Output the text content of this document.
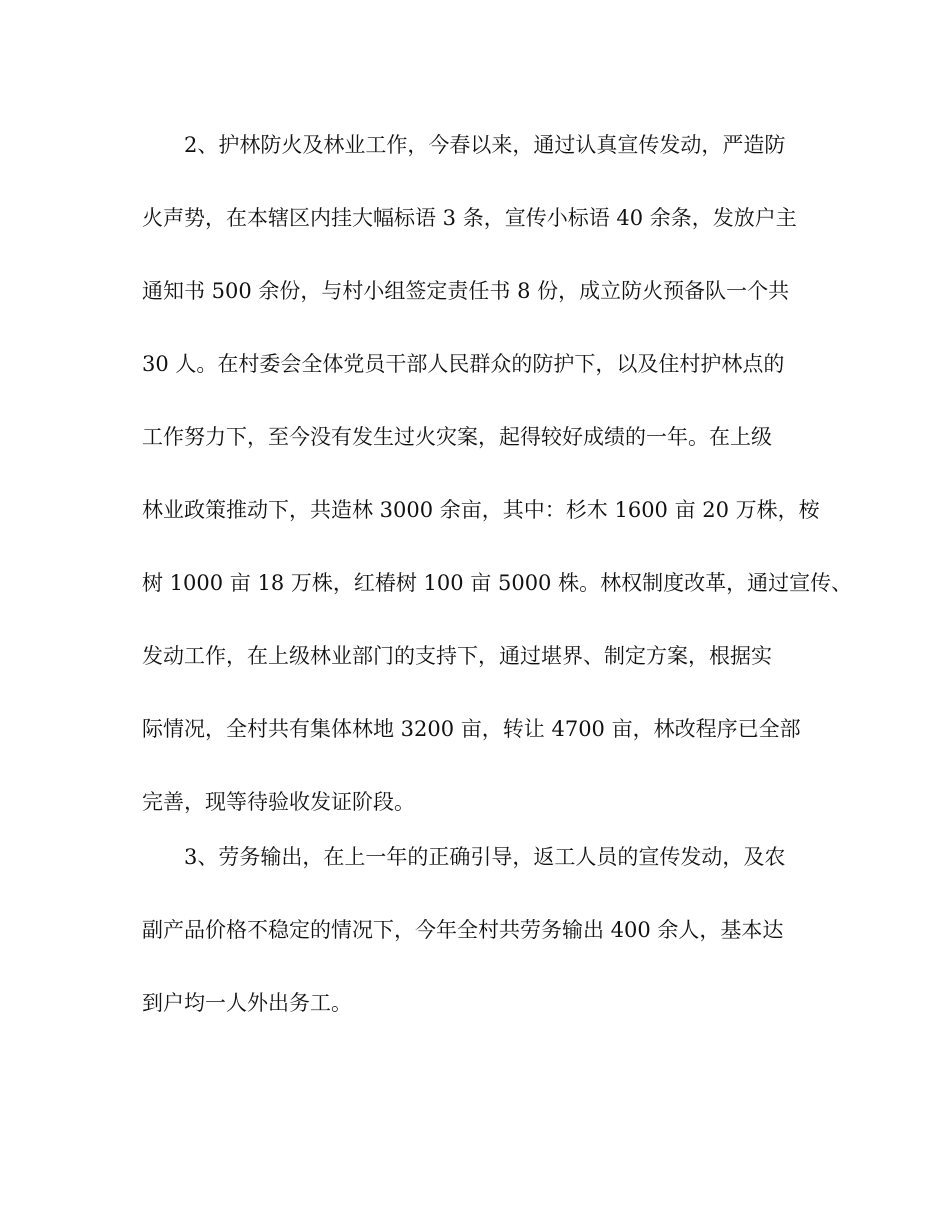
2、护林防火及林业工作，今春以来，通过认真宣传发动，严造防
火声势，在本辖区内挂大幅标语 3 条，宣传小标语 40 余条，发放户主
通知书 500 余份，与村小组签定责任书 8 份，成立防火预备队一个共
30 人。在村委会全体党员干部人民群众的防护下，以及住村护林点的
工作努力下，至今没有发生过火灾案，起得较好成绩的一年。在上级
林业政策推动下，共造林 3000 余亩，其中：杉木 1600 亩 20 万株，桉
树 1000 亩 18 万株，红椿树 100 亩 5000 株。林权制度改革，通过宣传、
发动工作，在上级林业部门的支持下，通过堪界、制定方案，根据实
际情况，全村共有集体林地 3200 亩，转让 4700 亩，林改程序已全部
完善，现等待验收发证阶段。
3、劳务输出，在上一年的正确引导，返工人员的宣传发动，及农
副产品价格不稳定的情况下，今年全村共劳务输出 400 余人，基本达
到户均一人外出务工。
